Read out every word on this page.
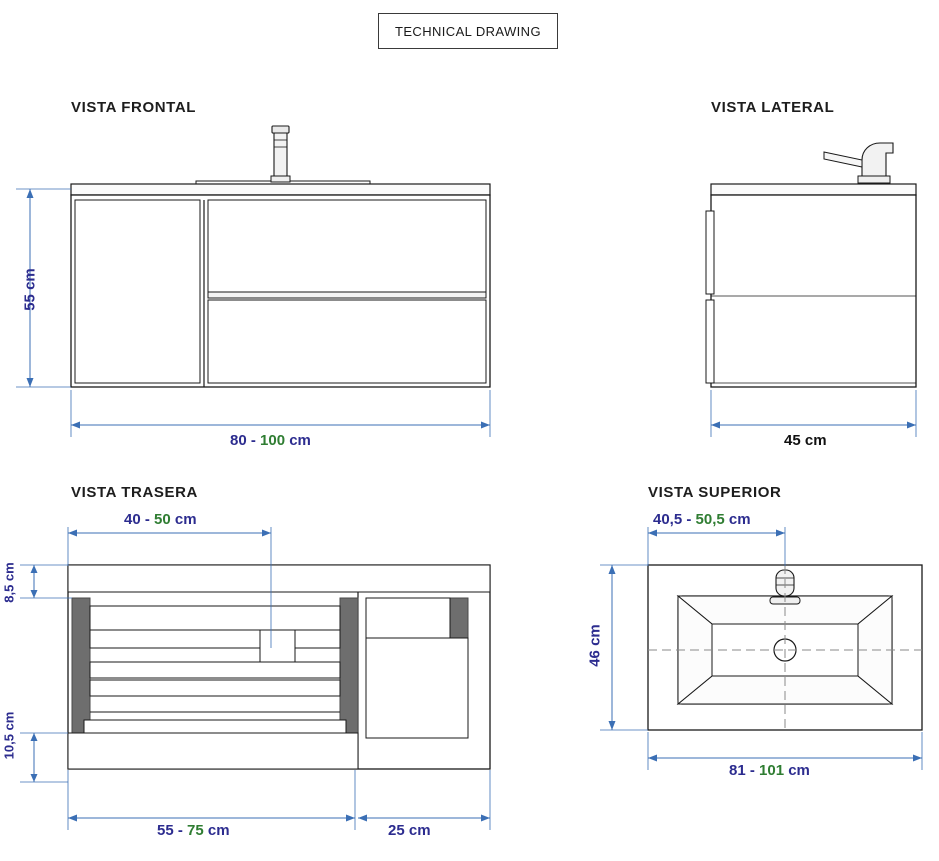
TECHNICAL DRAWING
VISTA FRONTAL
55 cm
80 - 100 cm
VISTA LATERAL
45 cm
VISTA TRASERA
40 - 50 cm
8,5 cm
10,5 cm
55 - 75 cm	25 cm
VISTA SUPERIOR
40,5 - 50,5 cm
46 cm
81 - 101 cm
